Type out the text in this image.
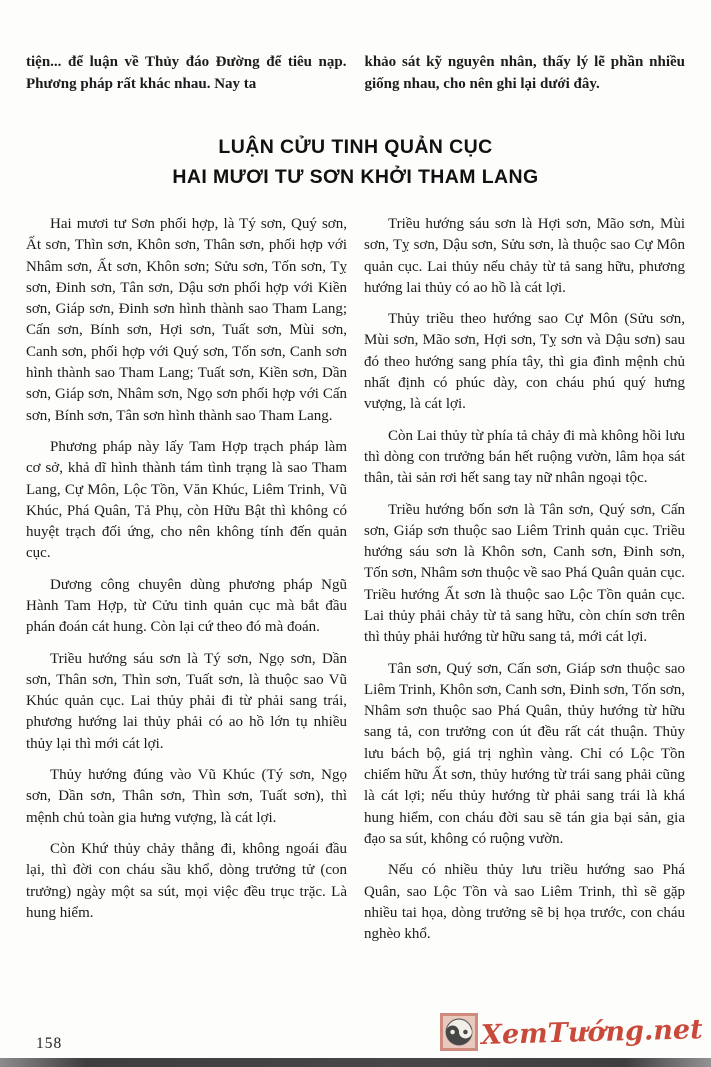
tiện... để luận về Thủy đáo Đường để tiêu nạp. Phương pháp rất khác nhau. Nay ta

khảo sát kỹ nguyên nhân, thấy lý lẽ phần nhiều giống nhau, cho nên ghi lại dưới đây.

LUẬN CỬU TINH QUẢN CỤC
HAI MƯƠI TƯ SƠN KHỞI THAM LANG

Hai mươi tư Sơn phối hợp, là Tý sơn, Quý sơn, Ất sơn, Thìn sơn, Khôn sơn, Thân sơn, phối hợp với Nhâm sơn, Ất sơn, Khôn sơn; Sửu sơn, Tốn sơn, Tỵ sơn, Đinh sơn, Tân sơn, Dậu sơn phối hợp với Kiền sơn, Giáp sơn, Đinh sơn hình thành sao Tham Lang; Cấn sơn, Bính sơn, Hợi sơn, Tuất sơn, Mùi sơn, Canh sơn, phối hợp với Quý sơn, Tốn sơn, Canh sơn hình thành sao Tham Lang; Tuất sơn, Kiền sơn, Dần sơn, Giáp sơn, Nhâm sơn, Ngọ sơn phối hợp với Cấn sơn, Bính sơn, Tân sơn hình thành sao Tham Lang.

Phương pháp này lấy Tam Hợp trạch pháp làm cơ sở, khả dĩ hình thành tám tình trạng là sao Tham Lang, Cự Môn, Lộc Tồn, Văn Khúc, Liêm Trinh, Vũ Khúc, Phá Quân, Tả Phụ, còn Hữu Bật thì không có huyệt trạch đối ứng, cho nên không tính đến quản cục.

Dương công chuyên dùng phương pháp Ngũ Hành Tam Hợp, từ Cửu tinh quản cục mà bắt đầu phán đoán cát hung. Còn lại cứ theo đó mà đoán.

Triều hướng sáu sơn là Tý sơn, Ngọ sơn, Dần sơn, Thân sơn, Thìn sơn, Tuất sơn, là thuộc sao Vũ Khúc quản cục. Lai thủy phải đi từ phải sang trái, phương hướng lai thủy phải có ao hồ lớn tụ nhiều thủy lại thì mới cát lợi.

Thủy hướng đúng vào Vũ Khúc (Tý sơn, Ngọ sơn, Dần sơn, Thân sơn, Thìn sơn, Tuất sơn), thì mệnh chủ toàn gia hưng vượng, là cát lợi.

Còn Khứ thủy chảy thẳng đi, không ngoái đầu lại, thì đời con cháu sầu khổ, dòng trưởng tử (con trưởng) ngày một sa sút, mọi việc đều trục trặc. Là hung hiểm.

Triều hướng sáu sơn là Hợi sơn, Mão sơn, Mùi sơn, Tỵ sơn, Dậu sơn, Sửu sơn, là thuộc sao Cự Môn quản cục. Lai thủy nếu chảy từ tả sang hữu, phương hướng lai thủy có ao hồ là cát lợi.

Thủy triều theo hướng sao Cự Môn (Sửu sơn, Mùi sơn, Mão sơn, Hợi sơn, Tỵ sơn và Dậu sơn) sau đó theo hướng sang phía tây, thì gia đình mệnh chủ nhất định có phúc dày, con cháu phú quý hưng vượng, là cát lợi.

Còn Lai thủy từ phía tả chảy đi mà không hồi lưu thì dòng con trưởng bán hết ruộng vườn, lâm họa sát thân, tài sản rơi hết sang tay nữ nhân ngoại tộc.

Triều hướng bốn sơn là Tân sơn, Quý sơn, Cấn sơn, Giáp sơn thuộc sao Liêm Trinh quản cục. Triều hướng sáu sơn là Khôn sơn, Canh sơn, Đinh sơn, Tốn sơn, Nhâm sơn thuộc về sao Phá Quân quản cục. Triều hướng Ất sơn là thuộc sao Lộc Tồn quản cục. Lai thủy phải chảy từ tả sang hữu, còn chín sơn trên thì thủy phải hướng từ hữu sang tả, mới cát lợi.

Tân sơn, Quý sơn, Cấn sơn, Giáp sơn thuộc sao Liêm Trinh, Khôn sơn, Canh sơn, Đinh sơn, Tốn sơn, Nhâm sơn thuộc sao Phá Quân, thủy hướng từ hữu sang tả, con trưởng con út đều rất cát thuận. Thủy lưu bách bộ, giá trị nghìn vàng. Chỉ có Lộc Tồn chiếm hữu Ất sơn, thủy hướng từ trái sang phải cũng là cát lợi; nếu thủy hướng từ phải sang trái là khá hung hiểm, con cháu đời sau sẽ tán gia bại sản, gia đạo sa sút, không có ruộng vườn.

Nếu có nhiều thủy lưu triều hướng sao Phá Quân, sao Lộc Tồn và sao Liêm Trinh, thì sẽ gặp nhiều tai họa, dòng trưởng sẽ bị họa trước, con cháu nghèo khổ.

158	XemTướng.net
